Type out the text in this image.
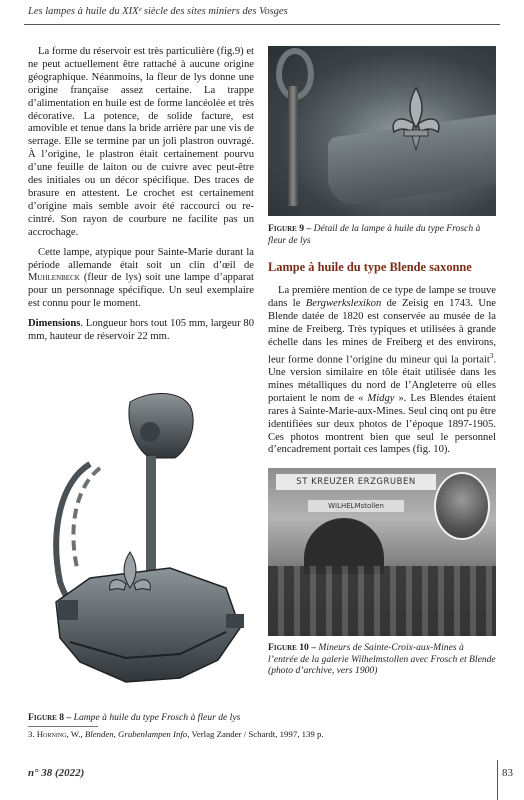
Les lampes à huile du XIXᵉ siècle des sites miniers des Vosges

La forme du réservoir est très particulière (fig.9) et ne peut actuellement être rattaché à aucune origine géographique. Néanmoins, la fleur de lys donne une origine française assez certaine. La trappe d’alimentation en huile est de forme lancéolée et très décorative. La potence, de solide facture, est amovible et tenue dans la bride arrière par une vis de serrage. Elle se termine par un joli plastron ouvragé. À l’origine, le plastron était certainement pourvu d’une feuille de laiton ou de cuivre avec peut-être des initiales ou un décor spécifique. Des traces de brasure en attestent. Le crochet est certainement d’origine mais semble avoir été raccourci ou re-cintré. Son rayon de courbure ne facilite pas un accrochage.

Cette lampe, atypique pour Sainte-Marie durant la période allemande était soit un clin d’œil de Muhlenbeck (fleur de lys) soit une lampe d’apparat pour un personnage spécifique. Un seul exemplaire est connu pour le moment.

Dimensions. Longueur hors tout 105 mm, largeur 80 mm, hauteur de réservoir 22 mm.

Figure 9 – Détail de la lampe à huile du type Frosch à fleur de lys
Lampe à huile du type Blende saxonne

La première mention de ce type de lampe se trouve dans le Bergwerkslexikon de Zeisig en 1743. Une Blende datée de 1820 est conservée au musée de la mine de Freiberg. Très typiques et utilisées à grande échelle dans les mines de Freiberg et des environs, leur forme donne l’origine du mineur qui la portait$^3$. Une version similaire en tôle était utilisée dans les mines métalliques du nord de l’Angleterre où elles portaient le nom de « Midgy ». Les Blendes étaient rares à Sainte-Marie-aux-Mines. Seul cinq ont pu être identifiées sur deux photos de l’époque 1897-1905. Ces photos montrent bien que seul le personnel d’encadrement portait ces lampes (fig. 10).

ST KREUZER ERZGRUBEN
WILHELMstollen
Figure 10 – Mineurs de Sainte-Croix-aux-Mines à l’entrée de la galerie Wilhelmstollen avec Frosch et Blende (photo d’archive, vers 1900)
Figure 8 – Lampe à huile du type Frosch à fleur de lys
3. Horning, W., Blenden, Grubenlampen Info, Verlag Zander / Schardt, 1997, 139 p.
n° 38 (2022)	83
